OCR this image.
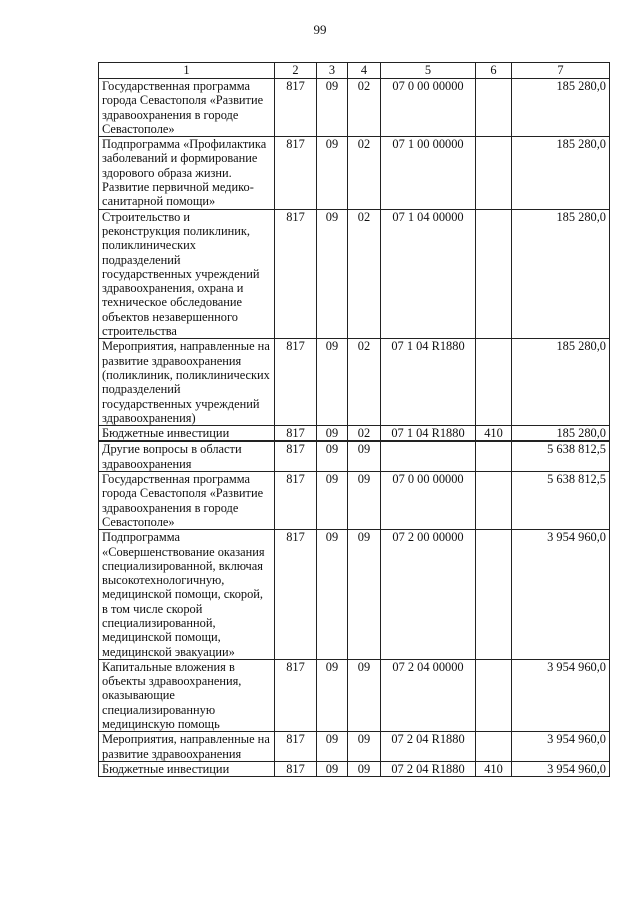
99
1	2	3	4	5	6	7
Государственная программа города Севастополя «Развитие здравоохранения в городе Севастополе»	817	09	02	07 0 00 00000		185 280,0
Подпрограмма «Профилактика заболеваний и формирование здорового образа жизни. Развитие первичной медико-санитарной помощи»	817	09	02	07 1 00 00000		185 280,0
Строительство и реконструкция поликлиник, поликлинических подразделений государственных учреждений здравоохранения, охрана и техническое обследование объектов незавершенного строительства	817	09	02	07 1 04 00000		185 280,0
Мероприятия, направленные на развитие здравоохранения (поликлиник, поликлинических подразделений государственных учреждений здравоохранения)	817	09	02	07 1 04 R1880		185 280,0
Бюджетные инвестиции	817	09	02	07 1 04 R1880	410	185 280,0
Другие вопросы в области здравоохранения	817	09	09			5 638 812,5
Государственная программа города Севастополя «Развитие здравоохранения в городе Севастополе»	817	09	09	07 0 00 00000		5 638 812,5
Подпрограмма «Совершенствование оказания специализированной, включая высокотехнологичную, медицинской помощи, скорой, в том числе скорой специализированной, медицинской помощи, медицинской эвакуации»	817	09	09	07 2 00 00000		3 954 960,0
Капитальные вложения в объекты здравоохранения, оказывающие специализированную медицинскую помощь	817	09	09	07 2 04 00000		3 954 960,0
Мероприятия, направленные на развитие здравоохранения	817	09	09	07 2 04 R1880		3 954 960,0
Бюджетные инвестиции	817	09	09	07 2 04 R1880	410	3 954 960,0
